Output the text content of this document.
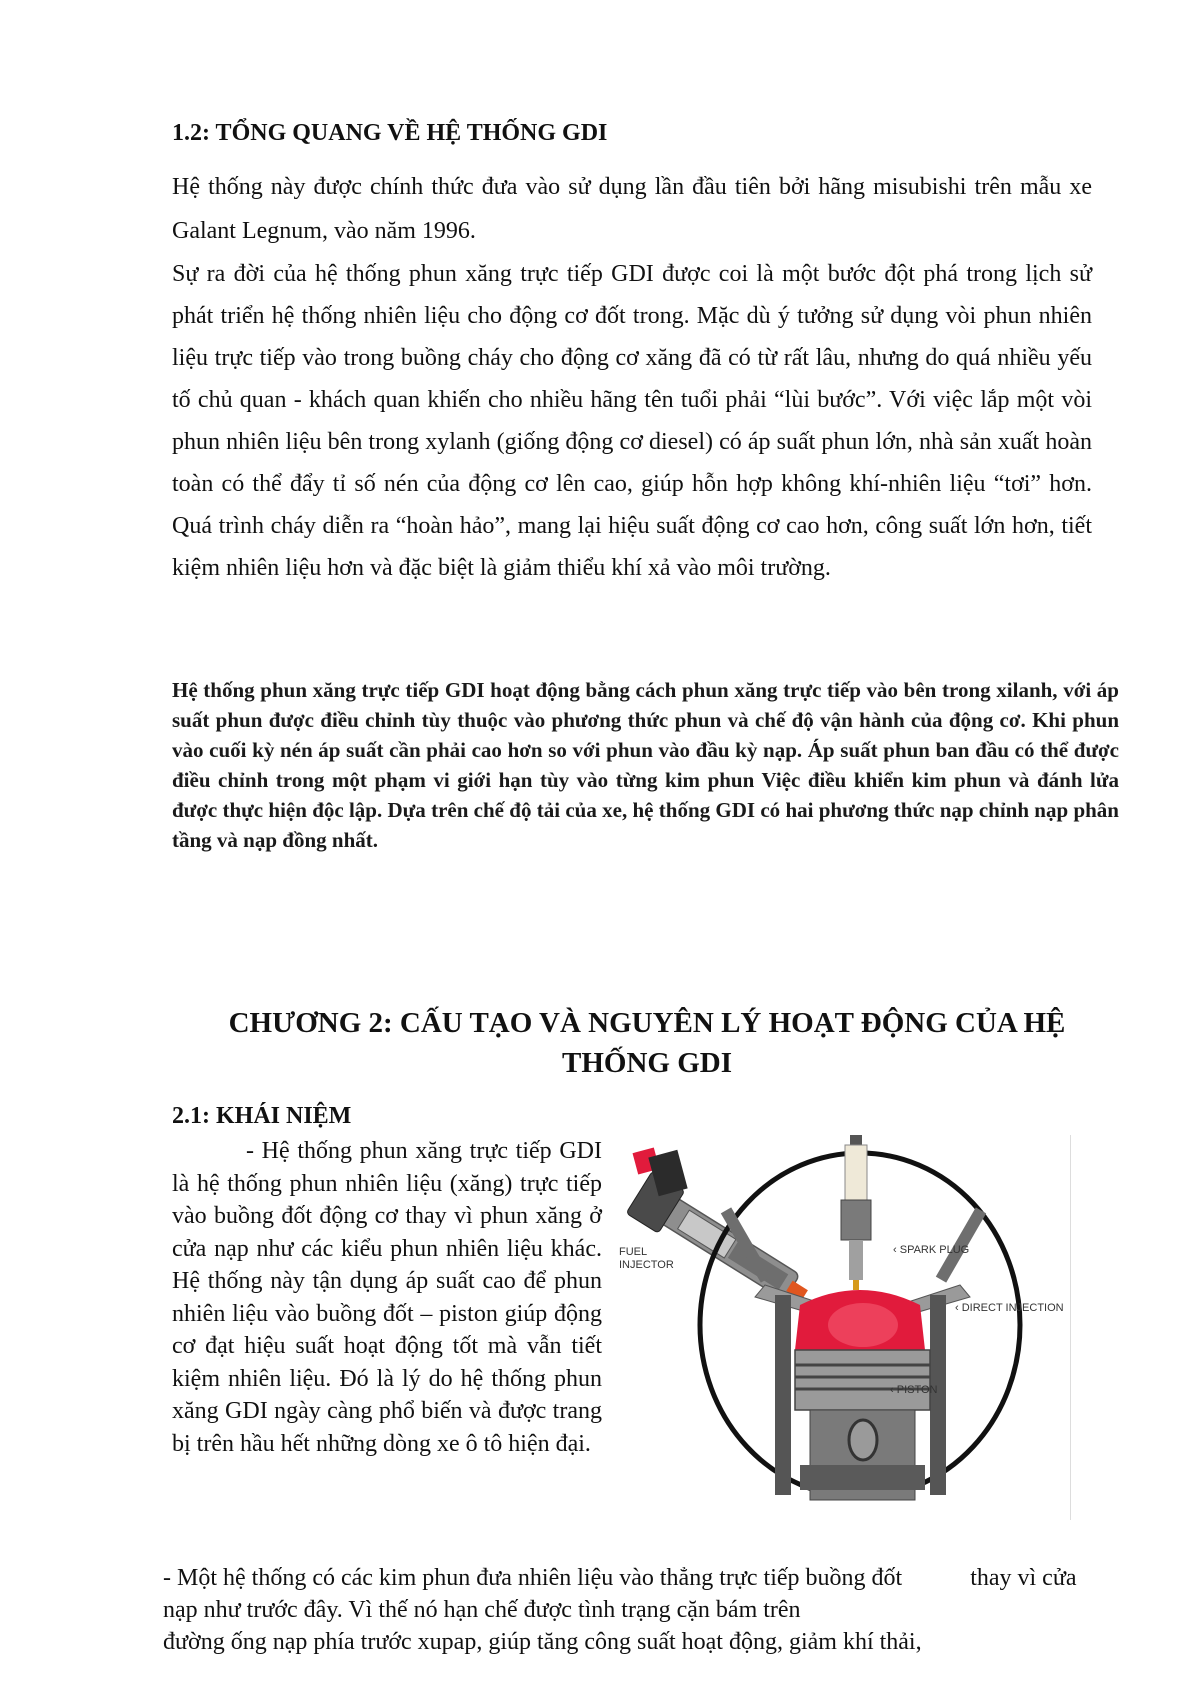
1.2: TỔNG QUANG VỀ HỆ THỐNG GDI

Hệ thống này được chính thức đưa vào sử dụng lần đầu tiên bởi hãng misubishi trên mẫu xe Galant Legnum, vào năm 1996.

Sự ra đời của hệ thống phun xăng trực tiếp GDI được coi là một bước đột phá trong lịch sử phát triển hệ thống nhiên liệu cho động cơ đốt trong. Mặc dù ý tưởng sử dụng vòi phun nhiên liệu trực tiếp vào trong buồng cháy cho động cơ xăng đã có từ rất lâu, nhưng do quá nhiều yếu tố chủ quan - khách quan khiến cho nhiều hãng tên tuổi phải “lùi bước”. Với việc lắp một vòi phun nhiên liệu bên trong xylanh (giống động cơ diesel) có áp suất phun lớn, nhà sản xuất hoàn toàn có thể đẩy tỉ số nén của động cơ lên cao, giúp hỗn hợp không khí-nhiên liệu “tơi” hơn. Quá trình cháy diễn ra “hoàn hảo”, mang lại hiệu suất động cơ cao hơn, công suất lớn hơn, tiết kiệm nhiên liệu hơn và đặc biệt là giảm thiểu khí xả vào môi trường.

Hệ thống phun xăng trực tiếp GDI hoạt động bằng cách phun xăng trực tiếp vào bên trong xilanh, với áp suất phun được điều chỉnh tùy thuộc vào phương thức phun và chế độ vận hành của động cơ. Khi phun vào cuối kỳ nén áp suất cần phải cao hơn so với phun vào đầu kỳ nạp. Áp suất phun ban đầu có thể được điều chỉnh trong một phạm vi giới hạn tùy vào từng kim phun Việc điều khiển kim phun và đánh lửa được thực hiện độc lập. Dựa trên chế độ tải của xe, hệ thống GDI có hai phương thức nạp chỉnh nạp phân tầng và nạp đồng nhất.

CHƯƠNG 2: CẤU TẠO VÀ NGUYÊN LÝ HOẠT ĐỘNG CỦA HỆ THỐNG GDI
2.1: KHÁI NIỆM

- Hệ thống phun xăng trực tiếp GDI là hệ thống phun nhiên liệu (xăng) trực tiếp vào buồng đốt động cơ thay vì phun xăng ở cửa nạp như các kiểu phun nhiên liệu khác. Hệ thống này tận dụng áp suất cao để phun nhiên liệu vào buồng đốt – piston giúp động cơ đạt hiệu suất hoạt động tốt mà vẫn tiết kiệm nhiên liệu. Đó là lý do hệ thống phun xăng GDI ngày càng phổ biến và được trang bị trên hầu hết những dòng xe ô tô hiện đại.

FUEL
INJECTOR
‹ SPARK PLUG
‹ DIRECT INJECTION
‹ PISTON

- Một hệ thống có các kim phun đưa nhiên liệu vào thẳng trực tiếp buồng đốt	thay vì cửa nạp như trước đây. Vì thế nó hạn chế được tình trạng cặn bám trên
đường ống nạp phía trước xupap, giúp tăng công suất hoạt động, giảm khí thải,
